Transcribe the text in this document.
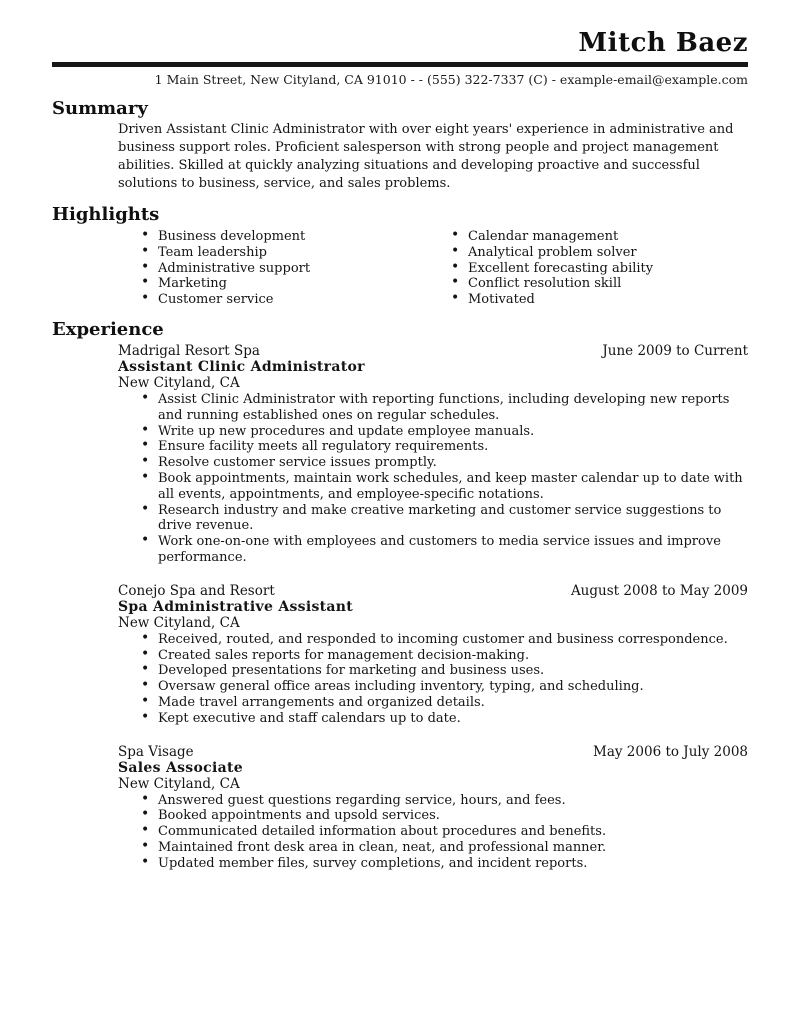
Mitch Baez
1 Main Street, New Cityland, CA 91010 - - (555) 322-7337 (C) - example-email@example.com
Summary

Driven Assistant Clinic Administrator with over eight years' experience in administrative and business support roles. Proficient salesperson with strong people and project management abilities. Skilled at quickly analyzing situations and developing proactive and successful solutions to business, service, and sales problems.

Highlights
• Business development
• Team leadership
• Administrative support
• Marketing
• Customer service
• Calendar management
• Analytical problem solver
• Excellent forecasting ability
• Conflict resolution skill
• Motivated
Experience
Madrigal Resort Spa	June 2009 to Current
Assistant Clinic Administrator
New Cityland, CA
• Assist Clinic Administrator with reporting functions, including developing new reports and running established ones on regular schedules.
• Write up new procedures and update employee manuals.
• Ensure facility meets all regulatory requirements.
• Resolve customer service issues promptly.
• Book appointments, maintain work schedules, and keep master calendar up to date with all events, appointments, and employee-specific notations.
• Research industry and make creative marketing and customer service suggestions to drive revenue.
• Work one-on-one with employees and customers to media service issues and improve performance.
Conejo Spa and Resort	August 2008 to May 2009
Spa Administrative Assistant
New Cityland, CA
• Received, routed, and responded to incoming customer and business correspondence.
• Created sales reports for management decision-making.
• Developed presentations for marketing and business uses.
• Oversaw general office areas including inventory, typing, and scheduling.
• Made travel arrangements and organized details.
• Kept executive and staff calendars up to date.
Spa Visage	May 2006 to July 2008
Sales Associate
New Cityland, CA
• Answered guest questions regarding service, hours, and fees.
• Booked appointments and upsold services.
• Communicated detailed information about procedures and benefits.
• Maintained front desk area in clean, neat, and professional manner.
• Updated member files, survey completions, and incident reports.
